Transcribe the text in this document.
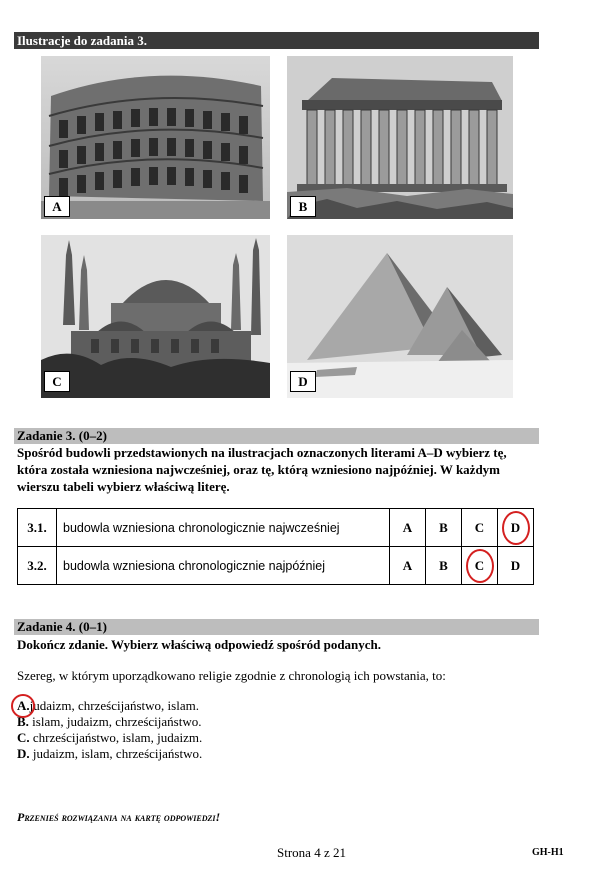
Ilustracje do zadania 3.
A	B
C	D
Zadanie 3. (0–2)
Spośród budowli przedstawionych na ilustracjach oznaczonych literami A–D wybierz tę,
która została wzniesiona najwcześniej, oraz tę, którą wzniesiono najpóźniej. W każdym
wierszu tabeli wybierz właściwą literę.
3.1.	budowla wzniesiona chronologicznie najwcześniej	A	B	C	D

3.2.	budowla wzniesiona chronologicznie najpóźniej	A	B	C	D
Zadanie 4. (0–1)
Dokończ zdanie. Wybierz właściwą odpowiedź spośród podanych.
Szereg, w którym uporządkowano religie zgodnie z chronologią ich powstania, to:
A.judaizm, chrześcijaństwo, islam.
B. islam, judaizm, chrześcijaństwo.
C. chrześcijaństwo, islam, judaizm.
D. judaizm, islam, chrześcijaństwo.
Przenieś rozwiązania na kartę odpowiedzi!
Strona 4 z 21	GH-H1
